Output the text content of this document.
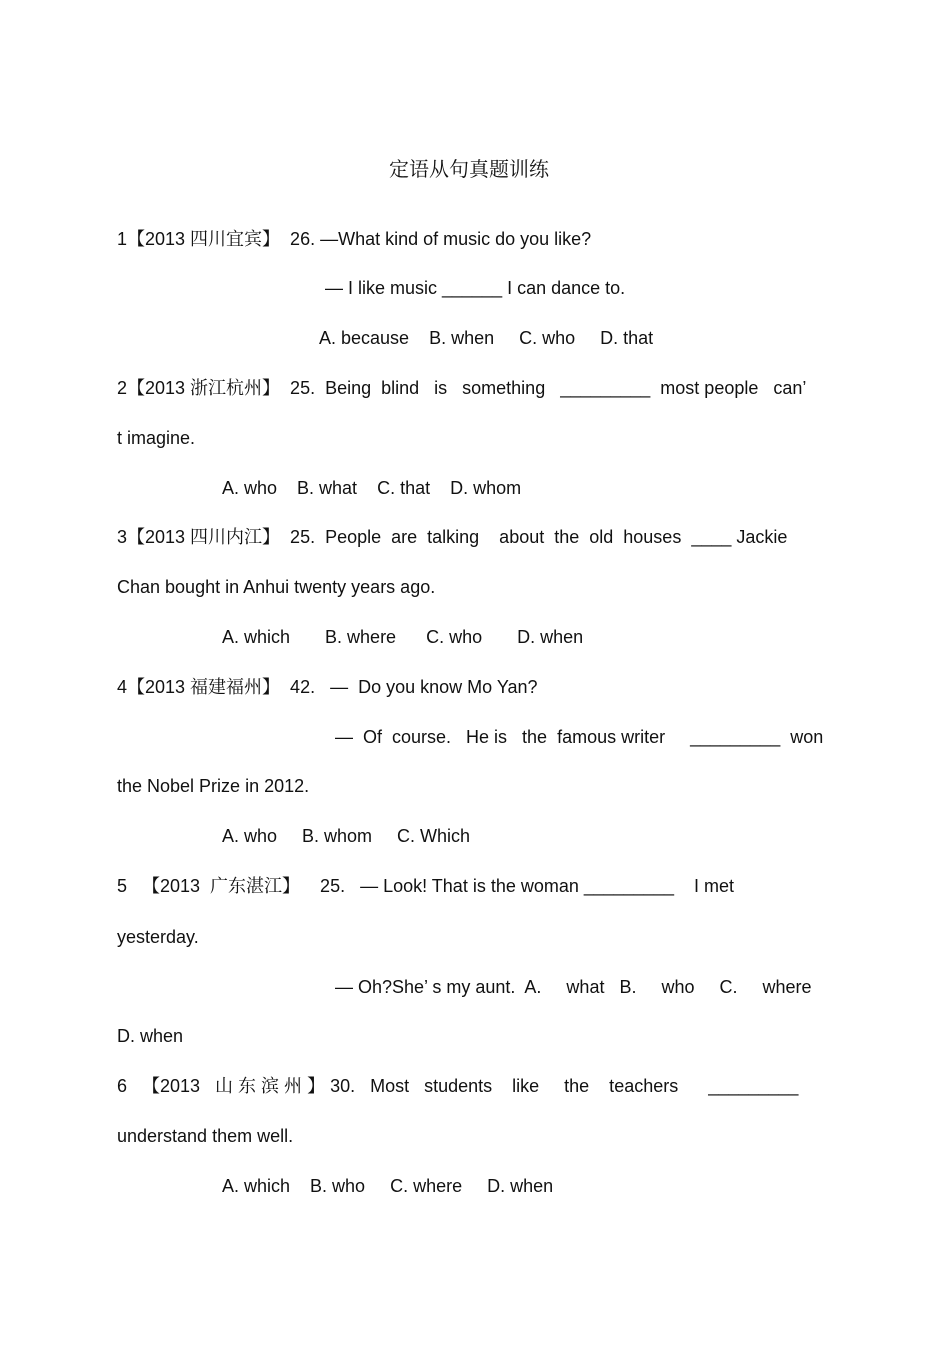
定语从句真题训练
1【2013 四川宜宾】  26. —What kind of music do you like?
— I like music ______ I can dance to.
A. because    B. when     C. who     D. that
2【2013 浙江杭州】  25.  Being  blind   is   something   _________  most people   can’
t imagine.
A. who    B. what    C. that    D. whom
3【2013 四川内江】  25.  People  are  talking    about  the  old  houses  ____ Jackie
Chan bought in Anhui twenty years ago.
A. which       B. where      C. who       D. when
4【2013 福建福州】  42.   —  Do you know Mo Yan?
—  Of  course.   He is   the  famous writer     _________  won
the Nobel Prize in 2012.
A. who     B. whom     C. Which
5   【2013  广东湛江】    25.   — Look! That is the woman _________    I met
yesterday.
— Oh?She’ s my aunt.  A.     what   B.     who     C.     where
D. when
6   【2013   山 东 滨 州 】 30.   Most   students    like     the    teachers      _________
understand them well.
A. which    B. who     C. where     D. when
